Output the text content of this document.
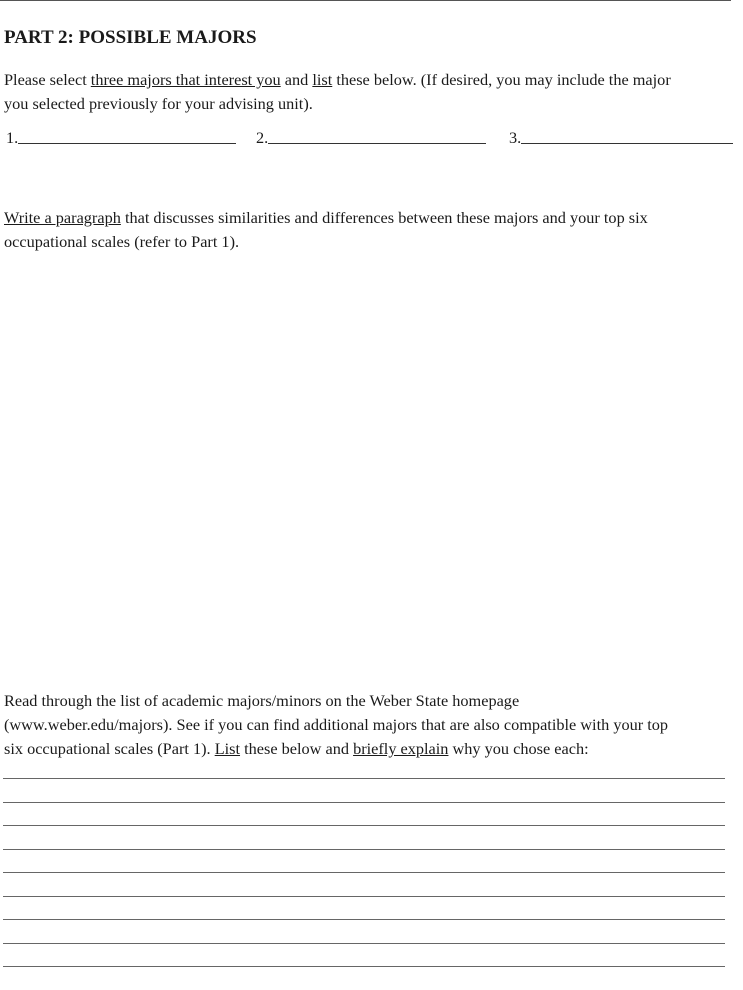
PART 2: POSSIBLE MAJORS

Please select three majors that interest you and list these below. (If desired, you may include the major
you selected previously for your advising unit).

1.	2.	3.

Write a paragraph that discusses similarities and differences between these majors and your top six
occupational scales (refer to Part 1).

Read through the list of academic majors/minors on the Weber State homepage
(www.weber.edu/majors). See if you can find additional majors that are also compatible with your top
six occupational scales (Part 1). List these below and briefly explain why you chose each:
